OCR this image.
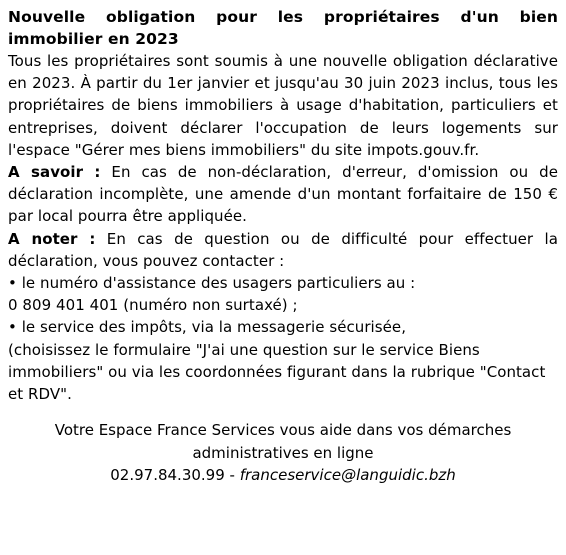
Nouvelle obligation pour les propriétaires d'un bien immobilier en 2023

Tous les propriétaires sont soumis à une nouvelle obligation déclarative en 2023. À partir du 1er janvier et jusqu'au 30 juin 2023 inclus, tous les propriétaires de biens immobiliers à usage d'habitation, particuliers et entreprises, doivent déclarer l'occupation de leurs logements sur l'espace "Gérer mes biens immobiliers" du site impots.gouv.fr.

A savoir : En cas de non-déclaration, d'erreur, d'omission ou de déclaration incomplète, une amende d'un montant forfaitaire de 150 € par local pourra être appliquée.

A noter : En cas de question ou de difficulté pour effectuer la déclaration, vous pouvez contacter :

• le numéro d'assistance des usagers particuliers au :

0 809 401 401 (numéro non surtaxé) ;

• le service des impôts, via la messagerie sécurisée,

(choisissez le formulaire "J'ai une question sur le service Biens immobiliers" ou via les coordonnées figurant dans la rubrique "Contact et RDV".

Votre Espace France Services vous aide dans vos démarches administratives en ligne
02.97.84.30.99 - franceservice@languidic.bzh
